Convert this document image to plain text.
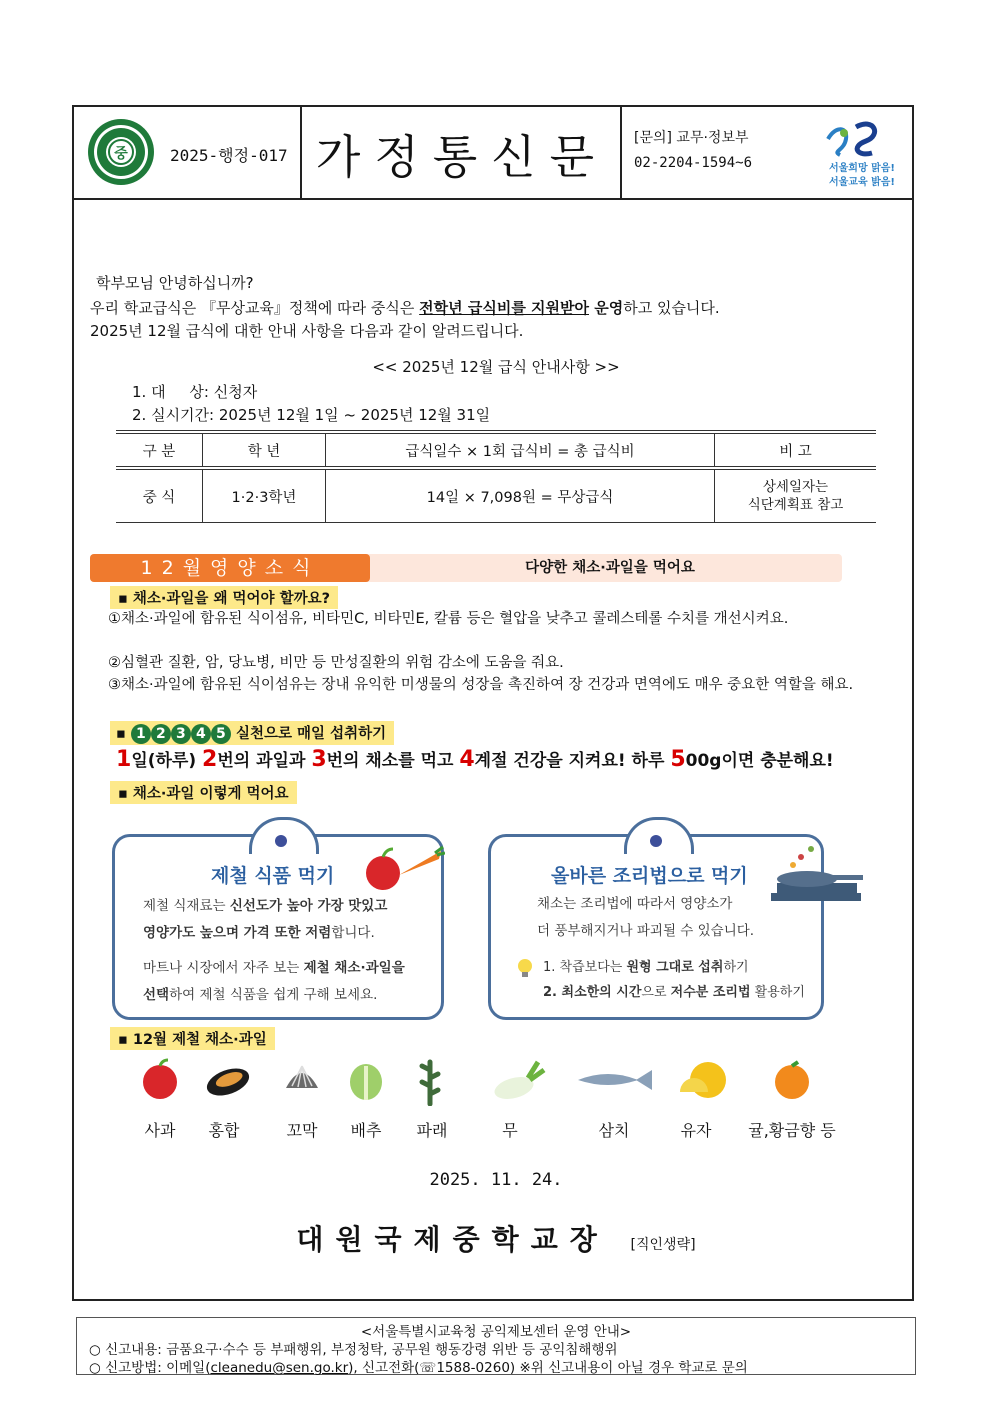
중	2025-행정-017 가정통신문	[문의] 교무·정보부
02-2204-1594~6	서울희망 맑음!
서울교육 밝음!
학부모님 안녕하십니까?
우리 학교급식은 『무상교육』정책에 따라 중식은 전학년 급식비를 지원받아 운영하고 있습니다.
2025년 12월 급식에 대한 안내 사항을 다음과 같이 알려드립니다.
<< 2025년 12월 급식 안내사항 >>
1. 대     상: 신청자
2. 실시기간: 2025년 12월 1일 ~ 2025년 12월 31일
구 분	학 년	급식일수 × 1회 급식비 = 총 급식비	비 고
중 식	1·2·3학년	14일 × 7,098원 = 무상급식	상세일자는
식단계획표 참고
12월영양소식	다양한 채소·과일을 먹어요
▪ 채소·과일을 왜 먹어야 할까요?
①채소·과일에 함유된 식이섬유, 비타민C, 비타민E, 칼륨 등은 혈압을 낮추고 콜레스테롤 수치를 개선시켜요.
②심혈관 질환, 암, 당뇨병, 비만 등 만성질환의 위험 감소에 도움을 줘요.
③채소·과일에 함유된 식이섬유는 장내 유익한 미생물의 성장을 촉진하여 장 건강과 면역에도 매우 중요한 역할을 해요.
▪ 1 2 3 4 5 실천으로 매일 섭취하기
1일(하루) 2번의 과일과 3번의 채소를 먹고 4계절 건강을 지켜요! 하루 500g이면 충분해요!
▪ 채소·과일 이렇게 먹어요
제철 식품 먹기
제철 식재료는 신선도가 높아 가장 맛있고
영양가도 높으며 가격 또한 저렴합니다.

마트나 시장에서 자주 보는 제철 채소·과일을
선택하여 제철 식품을 쉽게 구해 보세요.
올바른 조리법으로 먹기
채소는 조리법에 따라서 영양소가
더 풍부해지거나 파괴될 수 있습니다.
1. 착즙보다는 원형 그대로 섭취하기
2. 최소한의 시간으로 저수분 조리법 활용하기
▪ 12월 제철 채소·과일
사과	홍합	꼬막	배추	파래	무	삼치	유자	귤,황금향 등
2025. 11. 24.
대원국제중학교장 [직인생략]
<서울특별시교육청 공익제보센터 운영 안내>
○ 신고내용: 금품요구·수수 등 부패행위, 부정청탁, 공무원 행동강령 위반 등 공익침해행위
○ 신고방법: 이메일(cleanedu@sen.go.kr), 신고전화(☏1588-0260) ※위 신고내용이 아닐 경우 학교로 문의
